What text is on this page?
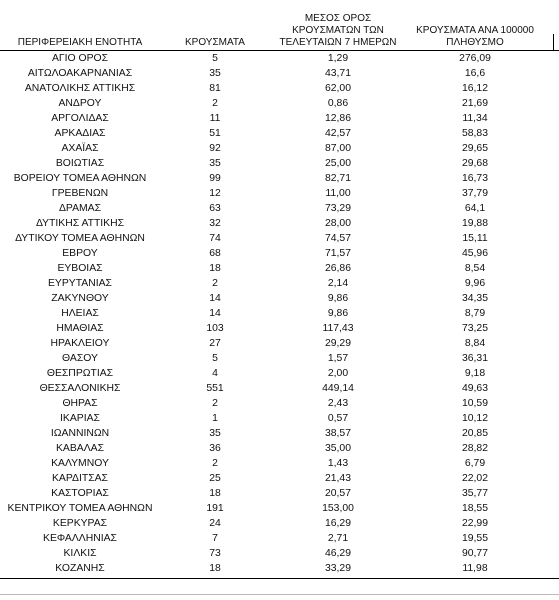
ΠΕΡΙΦΕΡΕΙΑΚΗ ΕΝΟΤΗΤΑ	ΚΡΟΥΣΜΑΤΑ	ΜΕΣΟΣ ΟΡΟΣ ΚΡΟΥΣΜΑΤΩΝ ΤΩΝ ΤΕΛΕΥΤΑΙΩΝ 7 ΗΜΕΡΩΝ	ΚΡΟΥΣΜΑΤΑ ΑΝΑ 100000 ΠΛΗΘΥΣΜΟ	

ΑΓΙΟ ΟΡΟΣ	5	1,29	276,09	
ΑΙΤΩΛΟΑΚΑΡΝΑΝΙΑΣ	35	43,71	16,6	
ΑΝΑΤΟΛΙΚΗΣ ΑΤΤΙΚΗΣ	81	62,00	16,12	
ΑΝΔΡΟΥ	2	0,86	21,69	
ΑΡΓΟΛΙΔΑΣ	11	12,86	11,34	
ΑΡΚΑΔΙΑΣ	51	42,57	58,83	
ΑΧΑΪΑΣ	92	87,00	29,65	
ΒΟΙΩΤΙΑΣ	35	25,00	29,68	
ΒΟΡΕΙΟΥ ΤΟΜΕΑ ΑΘΗΝΩΝ	99	82,71	16,73	
ΓΡΕΒΕΝΩΝ	12	11,00	37,79	
ΔΡΑΜΑΣ	63	73,29	64,1	
ΔΥΤΙΚΗΣ ΑΤΤΙΚΗΣ	32	28,00	19,88	
ΔΥΤΙΚΟΥ ΤΟΜΕΑ ΑΘΗΝΩΝ	74	74,57	15,11	
ΕΒΡΟΥ	68	71,57	45,96	
ΕΥΒΟΙΑΣ	18	26,86	8,54	
ΕΥΡΥΤΑΝΙΑΣ	2	2,14	9,96	
ΖΑΚΥΝΘΟΥ	14	9,86	34,35	
ΗΛΕΙΑΣ	14	9,86	8,79	
ΗΜΑΘΙΑΣ	103	117,43	73,25	
ΗΡΑΚΛΕΙΟΥ	27	29,29	8,84	
ΘΑΣΟΥ	5	1,57	36,31	
ΘΕΣΠΡΩΤΙΑΣ	4	2,00	9,18	
ΘΕΣΣΑΛΟΝΙΚΗΣ	551	449,14	49,63	
ΘΗΡΑΣ	2	2,43	10,59	
ΙΚΑΡΙΑΣ	1	0,57	10,12	
ΙΩΑΝΝΙΝΩΝ	35	38,57	20,85	
ΚΑΒΑΛΑΣ	36	35,00	28,82	
ΚΑΛΥΜΝΟΥ	2	1,43	6,79	
ΚΑΡΔΙΤΣΑΣ	25	21,43	22,02	
ΚΑΣΤΟΡΙΑΣ	18	20,57	35,77	
ΚΕΝΤΡΙΚΟΥ ΤΟΜΕΑ ΑΘΗΝΩΝ	191	153,00	18,55	
ΚΕΡΚΥΡΑΣ	24	16,29	22,99	
ΚΕΦΑΛΛΗΝΙΑΣ	7	2,71	19,55	
ΚΙΛΚΙΣ	73	46,29	90,77	
ΚΟΖΑΝΗΣ	18	33,29	11,98	
